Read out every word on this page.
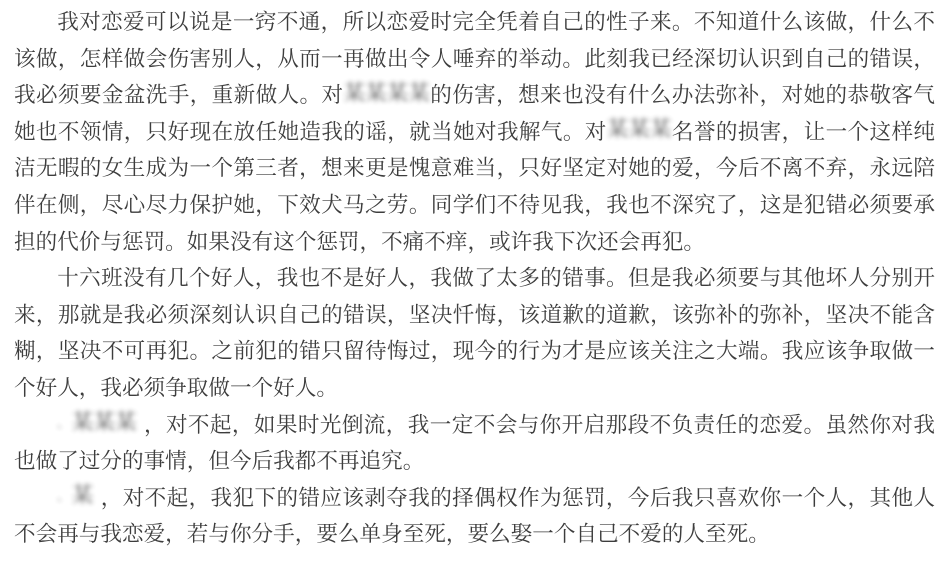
我对恋爱可以说是一窍不通，所以恋爱时完全凭着自己的性子来。不知道什么该做，什么不该做，怎样做会伤害别人，从而一再做出令人唾弃的举动。此刻我已经深切认识到自己的错误，我必须要金盆洗手，重新做人。对某某某某的伤害，想来也没有什么办法弥补，对她的恭敬客气她也不领情，只好现在放任她造我的谣，就当她对我解气。对某某某名誉的损害，让一个这样纯洁无暇的女生成为一个第三者，想来更是愧意难当，只好坚定对她的爱，今后不离不弃，永远陪伴在侧，尽心尽力保护她，下效犬马之劳。同学们不待见我，我也不深究了，这是犯错必须要承担的代价与惩罚。如果没有这个惩罚，不痛不痒，或许我下次还会再犯。

十六班没有几个好人，我也不是好人，我做了太多的错事。但是我必须要与其他坏人分别开来，那就是我必须深刻认识自己的错误，坚决忏悔，该道歉的道歉，该弥补的弥补，坚决不能含糊，坚决不可再犯。之前犯的错只留待悔过，现今的行为才是应该关注之大端。我应该争取做一个好人，我必须争取做一个好人。

、 某某某 ，对不起，如果时光倒流，我一定不会与你开启那段不负责任的恋爱。虽然你对我也做了过分的事情，但今后我都不再追究。

、 某 ，对不起，我犯下的错应该剥夺我的择偶权作为惩罚，今后我只喜欢你一个人，其他人不会再与我恋爱，若与你分手，要么单身至死，要么娶一个自己不爱的人至死。
